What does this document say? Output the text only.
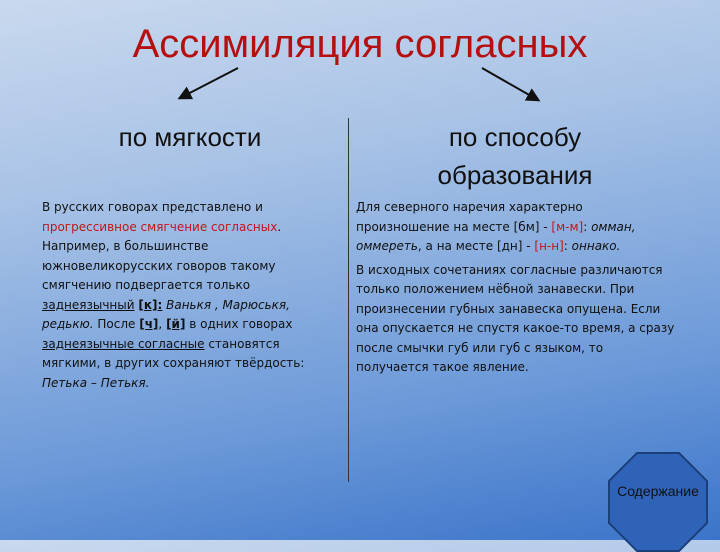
Ассимиляция согласных
по мягкости	по способу образования

В русских говорах представлено и прогрессивное смягчение согласных. Например, в большинстве южновеликорусских говоров такому смягчению подвергается только заднеязычный [к]: Ванькя , Марюськя, редькю. После [ч], [й] в одних говорах заднеязычные согласные становятся мягкими, в других сохраняют твёрдость: Петька – Петькя.

Для северного наречия характерно произношение на месте [бм] - [м-м]: омман, оммереть, а на месте [дн] - [н-н]: оннако.

В исходных сочетаниях согласные различаются только положением нёбной занавески. При произнесении губных занавеска опущена. Если она опускается не спустя какое-то время, а сразу после смычки губ или губ с языком, то получается такое явление.

Содержание
